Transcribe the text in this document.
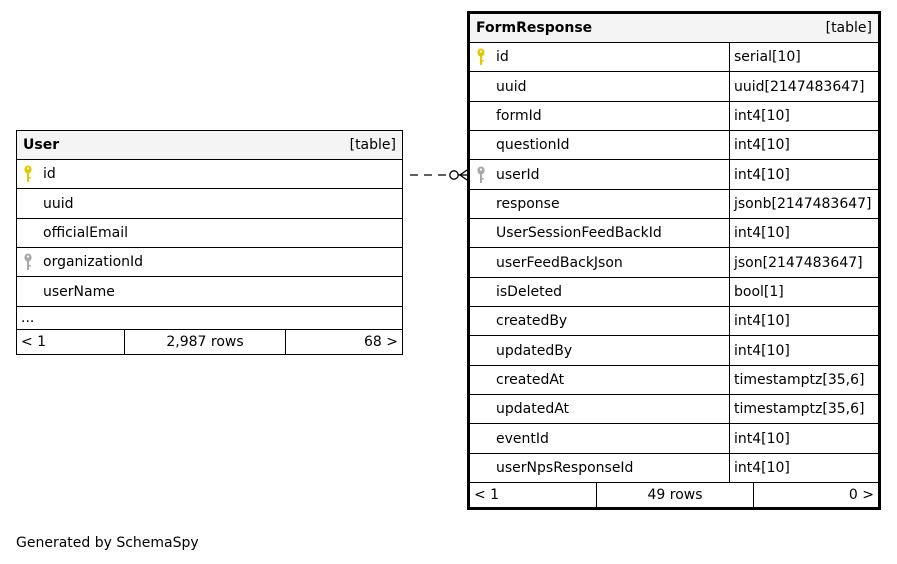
User	[table]
id
uuid
officialEmail
organizationId
userName
...
< 1	2,987 rows	68 >
FormResponse	[table]
id	serial[10]
uuid	uuid[2147483647]
formId	int4[10]
questionId	int4[10]
userId	int4[10]
response	jsonb[2147483647]
UserSessionFeedBackId	int4[10]
userFeedBackJson	json[2147483647]
isDeleted	bool[1]
createdBy	int4[10]
updatedBy	int4[10]
createdAt	timestamptz[35,6]
updatedAt	timestamptz[35,6]
eventId	int4[10]
userNpsResponseId	int4[10]
< 1	49 rows	0 >
Generated by SchemaSpy
